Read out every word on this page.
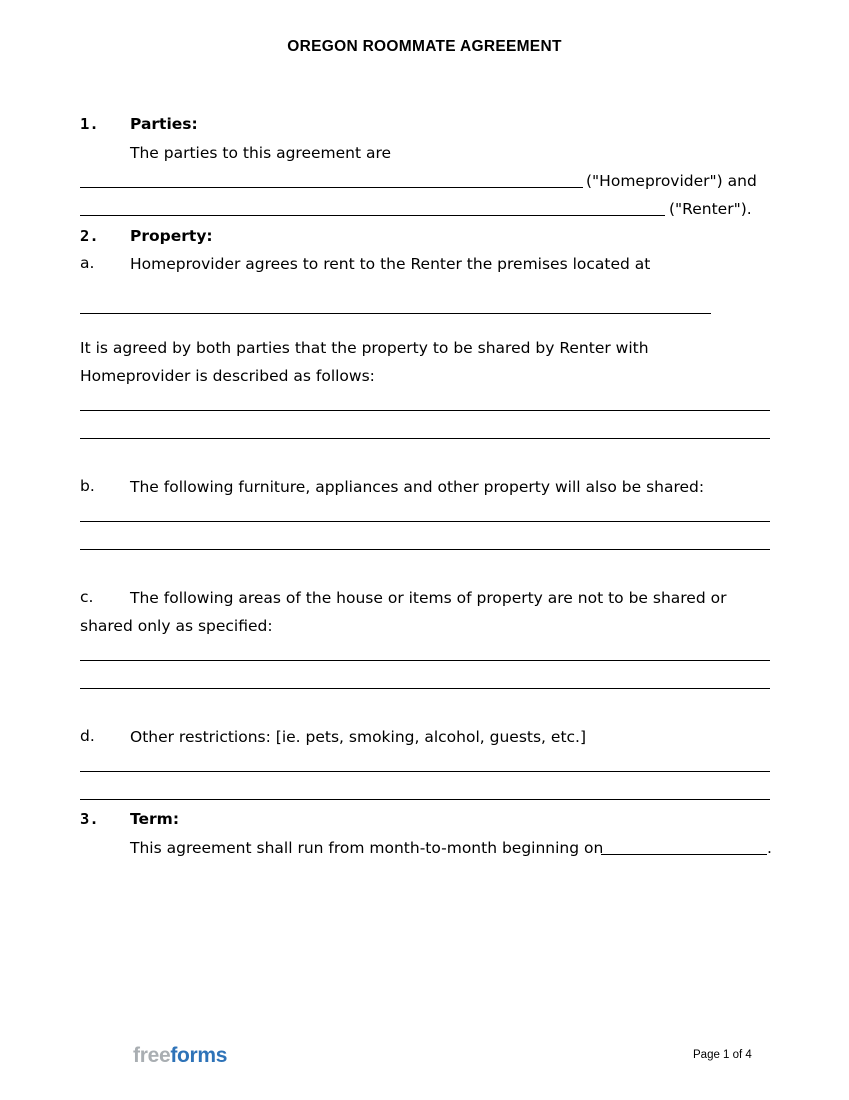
OREGON ROOMMATE AGREEMENT
1. Parties:
The parties to this agreement are
("Homeprovider") and
("Renter").
2. Property:
a. Homeprovider agrees to rent to the Renter the premises located at
It is agreed by both parties that the property to be shared by Renter with
Homeprovider is described as follows:
b. The following furniture, appliances and other property will also be shared:
c. The following areas of the house or items of property are not to be shared or
shared only as specified:
d. Other restrictions: [ie. pets, smoking, alcohol, guests, etc.]
3. Term:
This agreement shall run from month-to-month beginning on	.
freeforms	Page 1 of 4
